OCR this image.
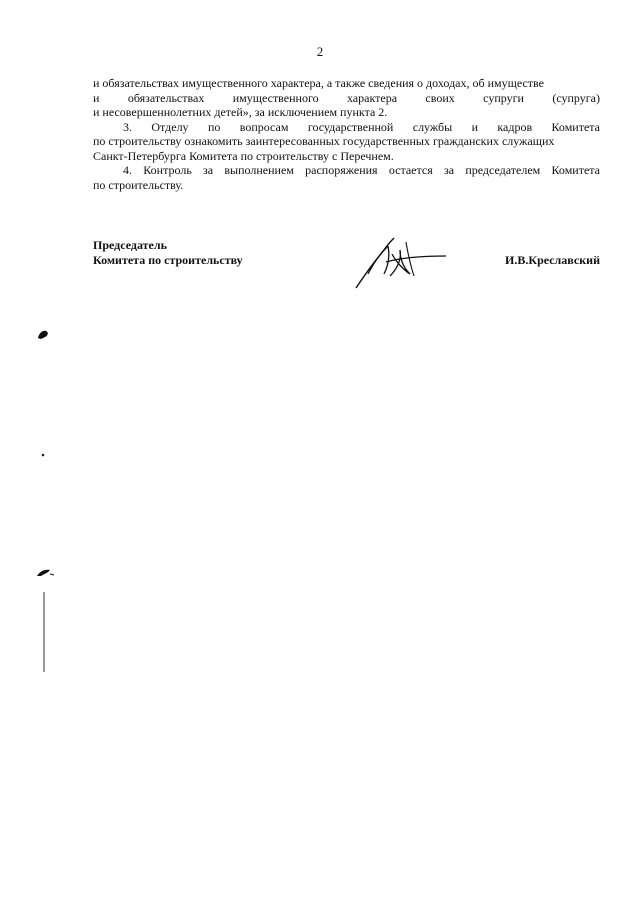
2

и обязательствах имущественного характера, а также сведения о доходах, об имуществе
и обязательствах имущественного характера своих супруги (супруга)
и несовершеннолетних детей», за исключением пункта 2.

3. Отделу по вопросам государственной службы и кадров Комитета
по строительству ознакомить заинтересованных государственных гражданских служащих
Санкт-Петербурга Комитета по строительству с Перечнем.

4. Контроль за выполнением распоряжения остается за председателем Комитета
по строительству.

Председатель
Комитета по строительству	И.В.Креславский
